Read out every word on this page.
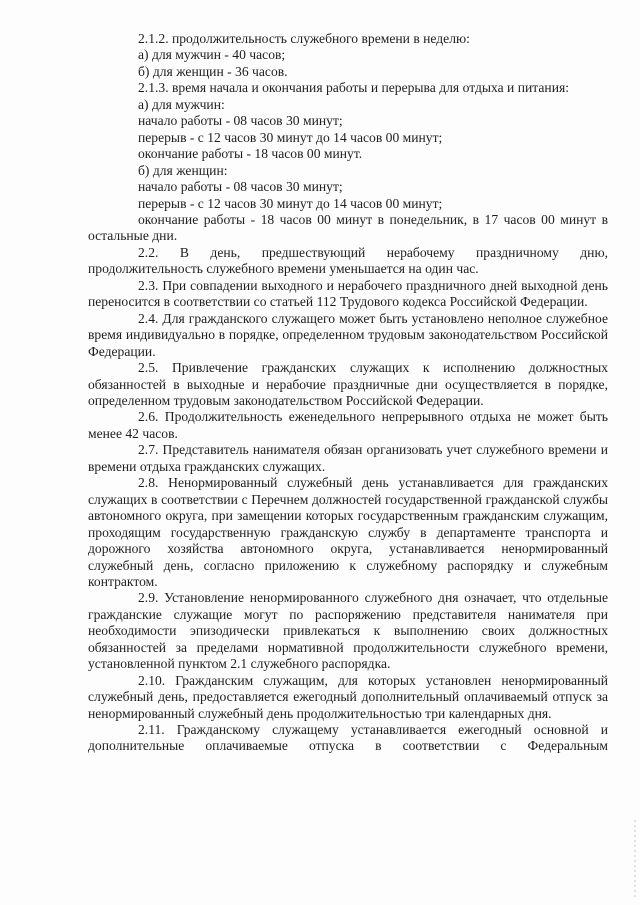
2.1.2. продолжительность служебного времени в неделю:

а) для мужчин - 40 часов;

б) для женщин - 36 часов.

2.1.3. время начала и окончания работы и перерыва для отдыха и питания:

а) для мужчин:

начало работы - 08 часов 30 минут;

перерыв - с 12 часов 30 минут до 14 часов 00 минут;

окончание работы - 18 часов 00 минут.

б) для женщин:

начало работы - 08 часов 30 минут;

перерыв - с 12 часов 30 минут до 14 часов 00 минут;

окончание работы - 18 часов 00 минут в понедельник, в 17 часов 00 минут в остальные дни.

2.2. В день, предшествующий нерабочему праздничному дню, продолжительность служебного времени уменьшается на один час.

2.3. При совпадении выходного и нерабочего праздничного дней выходной день переносится в соответствии со статьей 112 Трудового кодекса Российской Федерации.

2.4. Для гражданского служащего может быть установлено неполное служебное время индивидуально в порядке, определенном трудовым законодательством Российской Федерации.

2.5. Привлечение гражданских служащих к исполнению должностных обязанностей в выходные и нерабочие праздничные дни осуществляется в порядке, определенном трудовым законодательством Российской Федерации.

2.6. Продолжительность еженедельного непрерывного отдыха не может быть менее 42 часов.

2.7. Представитель нанимателя обязан организовать учет служебного времени и времени отдыха гражданских служащих.

2.8. Ненормированный служебный день устанавливается для гражданских служащих в соответствии с Перечнем должностей государственной гражданской службы автономного округа, при замещении которых государственным гражданским служащим, проходящим государственную гражданскую службу в департаменте транспорта и дорожного хозяйства автономного округа, устанавливается ненормированный служебный день, согласно приложению к служебному распорядку и служебным контрактом.

2.9. Установление ненормированного служебного дня означает, что отдельные гражданские служащие могут по распоряжению представителя нанимателя при необходимости эпизодически привлекаться к выполнению своих должностных обязанностей за пределами нормативной продолжительности служебного времени, установленной пунктом 2.1 служебного распорядка.

2.10. Гражданским служащим, для которых установлен ненормированный служебный день, предоставляется ежегодный дополнительный оплачиваемый отпуск за ненормированный служебный день продолжительностью три календарных дня.

2.11. Гражданскому служащему устанавливается ежегодный основной и дополнительные оплачиваемые отпуска в соответствии с Федеральным
